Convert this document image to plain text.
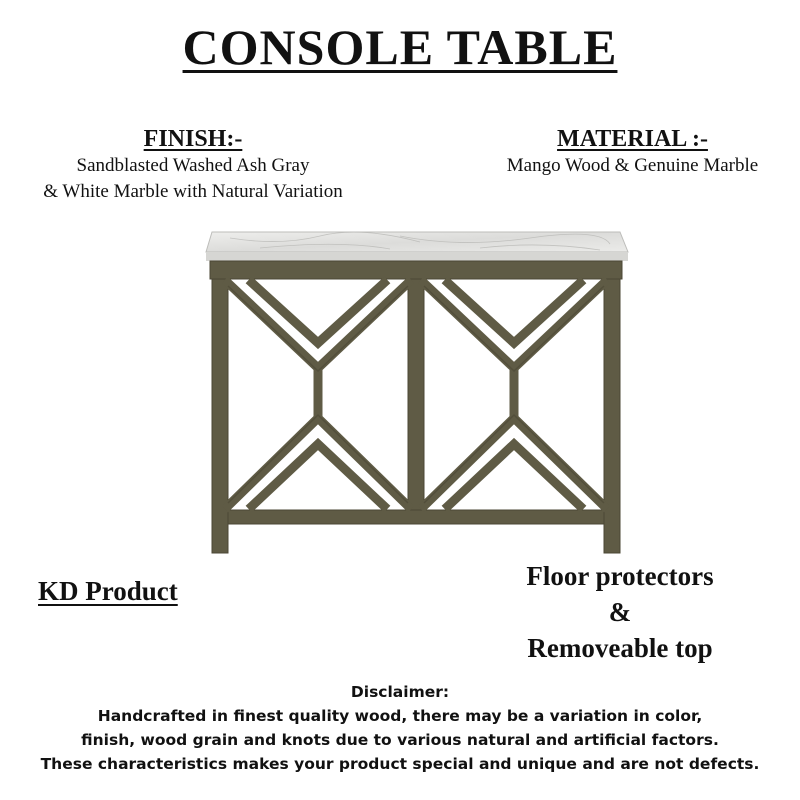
CONSOLE TABLE
FINISH:-
Sandblasted Washed Ash Gray
& White Marble with Natural Variation
MATERIAL :-
Mango Wood & Genuine Marble
KD Product	Floor protectors
&
Removeable top
Disclaimer:
Handcrafted in finest quality wood, there may be a variation in color,
finish, wood grain and knots due to various natural and artificial factors.
These characteristics makes your product special and unique and are not defects.
